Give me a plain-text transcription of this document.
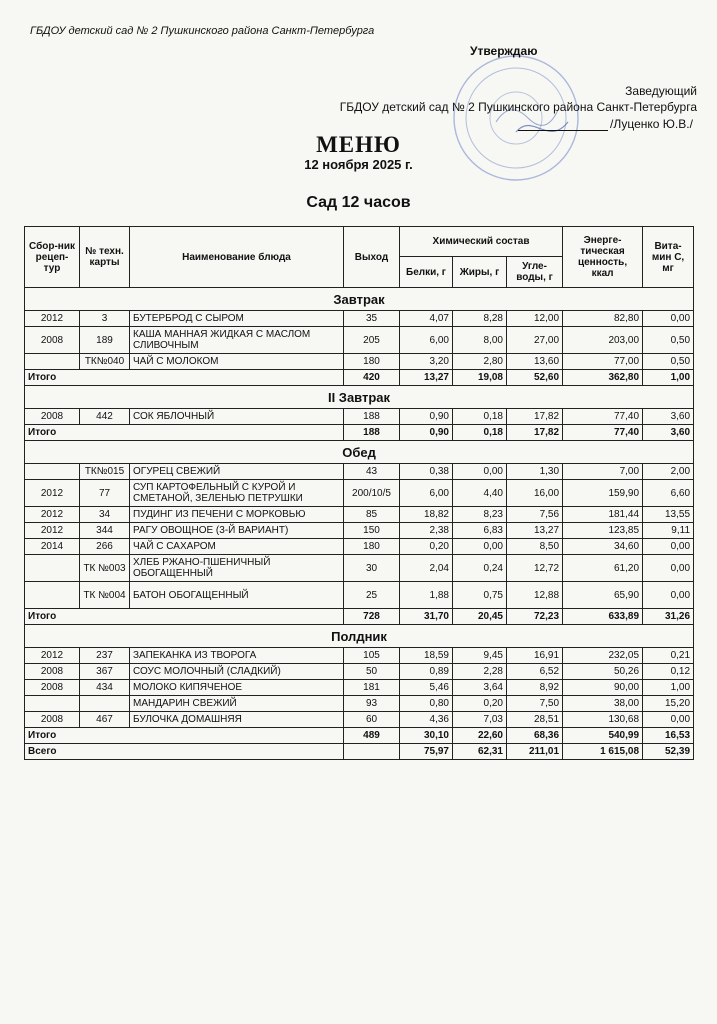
ГБДОУ детский сад № 2 Пушкинского района Санкт-Петербурга
Утверждаю
Заведующий
ГБДОУ детский сад № 2 Пушкинского района Санкт-Петербурга
/Луценко Ю.В./
МЕНЮ
12 ноября 2025 г.
Сад 12 часов
Сбор-ник рецеп-тур	№ техн. карты	Наименование блюда	Выход	Химический состав			Энерге-тическая ценность, ккал	Вита-мин С, мг
				Белки, г	Жиры, г	Угле-воды, г		
Завтрак								
2012	3	БУТЕРБРОД С СЫРОМ	35	4,07	8,28	12,00	82,80	0,00
2008	189	КАША МАННАЯ ЖИДКАЯ С МАСЛОМ СЛИВОЧНЫМ	205	6,00	8,00	27,00	203,00	0,50
	ТК№040	ЧАЙ С МОЛОКОМ	180	3,20	2,80	13,60	77,00	0,50
Итого			420	13,27	19,08	52,60	362,80	1,00
II Завтрак								
2008	442	СОК ЯБЛОЧНЫЙ	188	0,90	0,18	17,82	77,40	3,60
Итого			188	0,90	0,18	17,82	77,40	3,60
Обед								
	ТК№015	ОГУРЕЦ СВЕЖИЙ	43	0,38	0,00	1,30	7,00	2,00
2012	77	СУП КАРТОФЕЛЬНЫЙ С КУРОЙ И СМЕТАНОЙ, ЗЕЛЕНЬЮ ПЕТРУШКИ	200/10/5	6,00	4,40	16,00	159,90	6,60
2012	34	ПУДИНГ ИЗ ПЕЧЕНИ С МОРКОВЬЮ	85	18,82	8,23	7,56	181,44	13,55
2012	344	РАГУ ОВОЩНОЕ (3-Й ВАРИАНТ)	150	2,38	6,83	13,27	123,85	9,11
2014	266	ЧАЙ С САХАРОМ	180	0,20	0,00	8,50	34,60	0,00
	ТК №003	ХЛЕБ РЖАНО-ПШЕНИЧНЫЙ ОБОГАЩЕННЫЙ	30	2,04	0,24	12,72	61,20	0,00
	ТК №004	БАТОН ОБОГАЩЕННЫЙ	25	1,88	0,75	12,88	65,90	0,00
Итого			728	31,70	20,45	72,23	633,89	31,26
Полдник								
2012	237	ЗАПЕКАНКА ИЗ ТВОРОГА	105	18,59	9,45	16,91	232,05	0,21
2008	367	СОУС МОЛОЧНЫЙ (СЛАДКИЙ)	50	0,89	2,28	6,52	50,26	0,12
2008	434	МОЛОКО КИПЯЧЕНОЕ	181	5,46	3,64	8,92	90,00	1,00
		МАНДАРИН СВЕЖИЙ	93	0,80	0,20	7,50	38,00	15,20
2008	467	БУЛОЧКА ДОМАШНЯЯ	60	4,36	7,03	28,51	130,68	0,00
Итого			489	30,10	22,60	68,36	540,99	16,53
Всего				75,97	62,31	211,01	1 615,08	52,39
